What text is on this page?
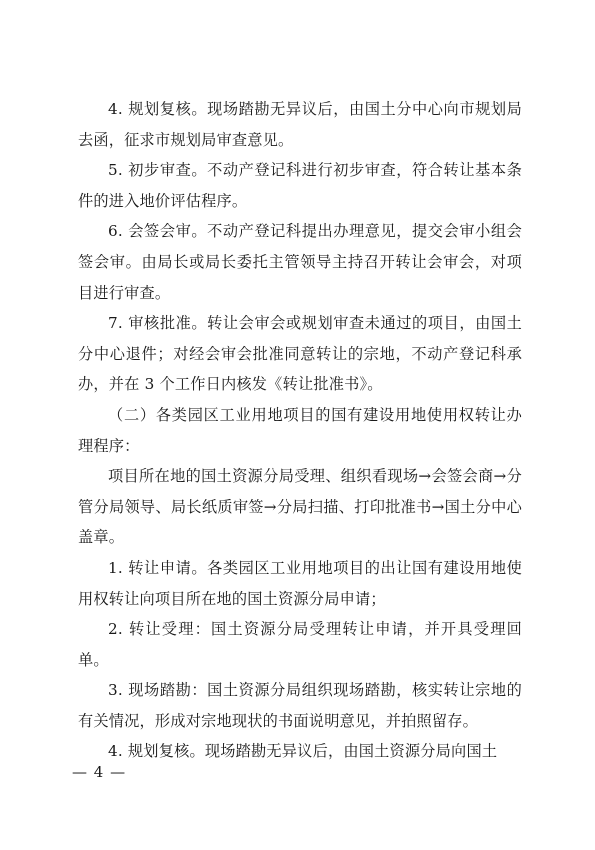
4. 规划复核。现场踏勘无异议后，由国土分中心向市规划局去函，征求市规划局审查意见。

5. 初步审查。不动产登记科进行初步审查，符合转让基本条件的进入地价评估程序。

6. 会签会审。不动产登记科提出办理意见，提交会审小组会签会审。由局长或局长委托主管领导主持召开转让会审会，对项目进行审查。

7. 审核批准。转让会审会或规划审查未通过的项目，由国土分中心退件；对经会审会批准同意转让的宗地，不动产登记科承办，并在 3 个工作日内核发《转让批准书》。

（二）各类园区工业用地项目的国有建设用地使用权转让办理程序：

项目所在地的国土资源分局受理、组织看现场→会签会商→分管分局领导、局长纸质审签→分局扫描、打印批准书→国土分中心盖章。

1. 转让申请。各类园区工业用地项目的出让国有建设用地使用权转让向项目所在地的国土资源分局申请；

2. 转让受理：国土资源分局受理转让申请，并开具受理回单。

3. 现场踏勘：国土资源分局组织现场踏勘，核实转让宗地的有关情况，形成对宗地现状的书面说明意见，并拍照留存。

4. 规划复核。现场踏勘无异议后，由国土资源分局向国土

— 4 —
